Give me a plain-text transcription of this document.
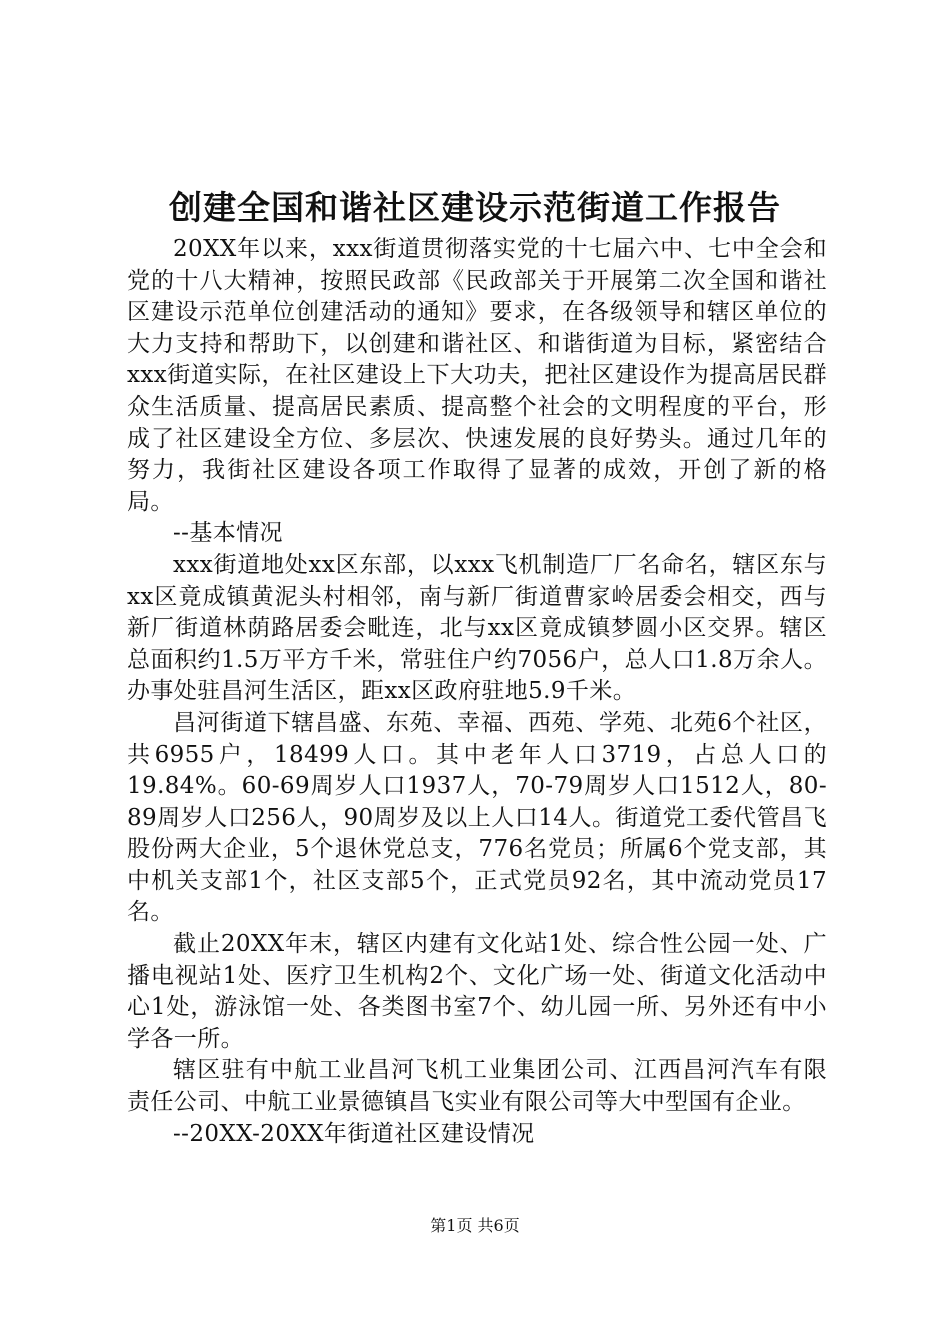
创建全国和谐社区建设示范街道工作报告

20XX年以来，xxx街道贯彻落实党的十七届六中、七中全会和党的十八大精神，按照民政部《民政部关于开展第二次全国和谐社区建设示范单位创建活动的通知》要求，在各级领导和辖区单位的大力支持和帮助下，以创建和谐社区、和谐街道为目标，紧密结合xxx街道实际，在社区建设上下大功夫，把社区建设作为提高居民群众生活质量、提高居民素质、提高整个社会的文明程度的平台，形成了社区建设全方位、多层次、快速发展的良好势头。通过几年的努力，我街社区建设各项工作取得了显著的成效，开创了新的格局。

--基本情况

xxx街道地处xx区东部，以xxx飞机制造厂厂名命名，辖区东与xx区竟成镇黄泥头村相邻，南与新厂街道曹家岭居委会相交，西与新厂街道林荫路居委会毗连，北与xx区竟成镇梦圆小区交界。辖区总面积约1.5万平方千米，常驻住户约7056户，总人口1.8万余人。办事处驻昌河生活区，距xx区政府驻地5.9千米。

昌河街道下辖昌盛、东苑、幸福、西苑、学苑、北苑6个社区，共6955户，18499人口。其中老年人口3719，占总人口的19.84%。60-69周岁人口1937人，70-79周岁人口1512人，80-89周岁人口256人，90周岁及以上人口14人。街道党工委代管昌飞股份两大企业，5个退休党总支，776名党员；所属6个党支部，其中机关支部1个，社区支部5个，正式党员92名，其中流动党员17名。

截止20XX年末，辖区内建有文化站1处、综合性公园一处、广播电视站1处、医疗卫生机构2个、文化广场一处、街道文化活动中心1处，游泳馆一处、各类图书室7个、幼儿园一所、另外还有中小学各一所。

辖区驻有中航工业昌河飞机工业集团公司、江西昌河汽车有限责任公司、中航工业景德镇昌飞实业有限公司等大中型国有企业。

--20XX-20XX年街道社区建设情况

第1页 共6页
